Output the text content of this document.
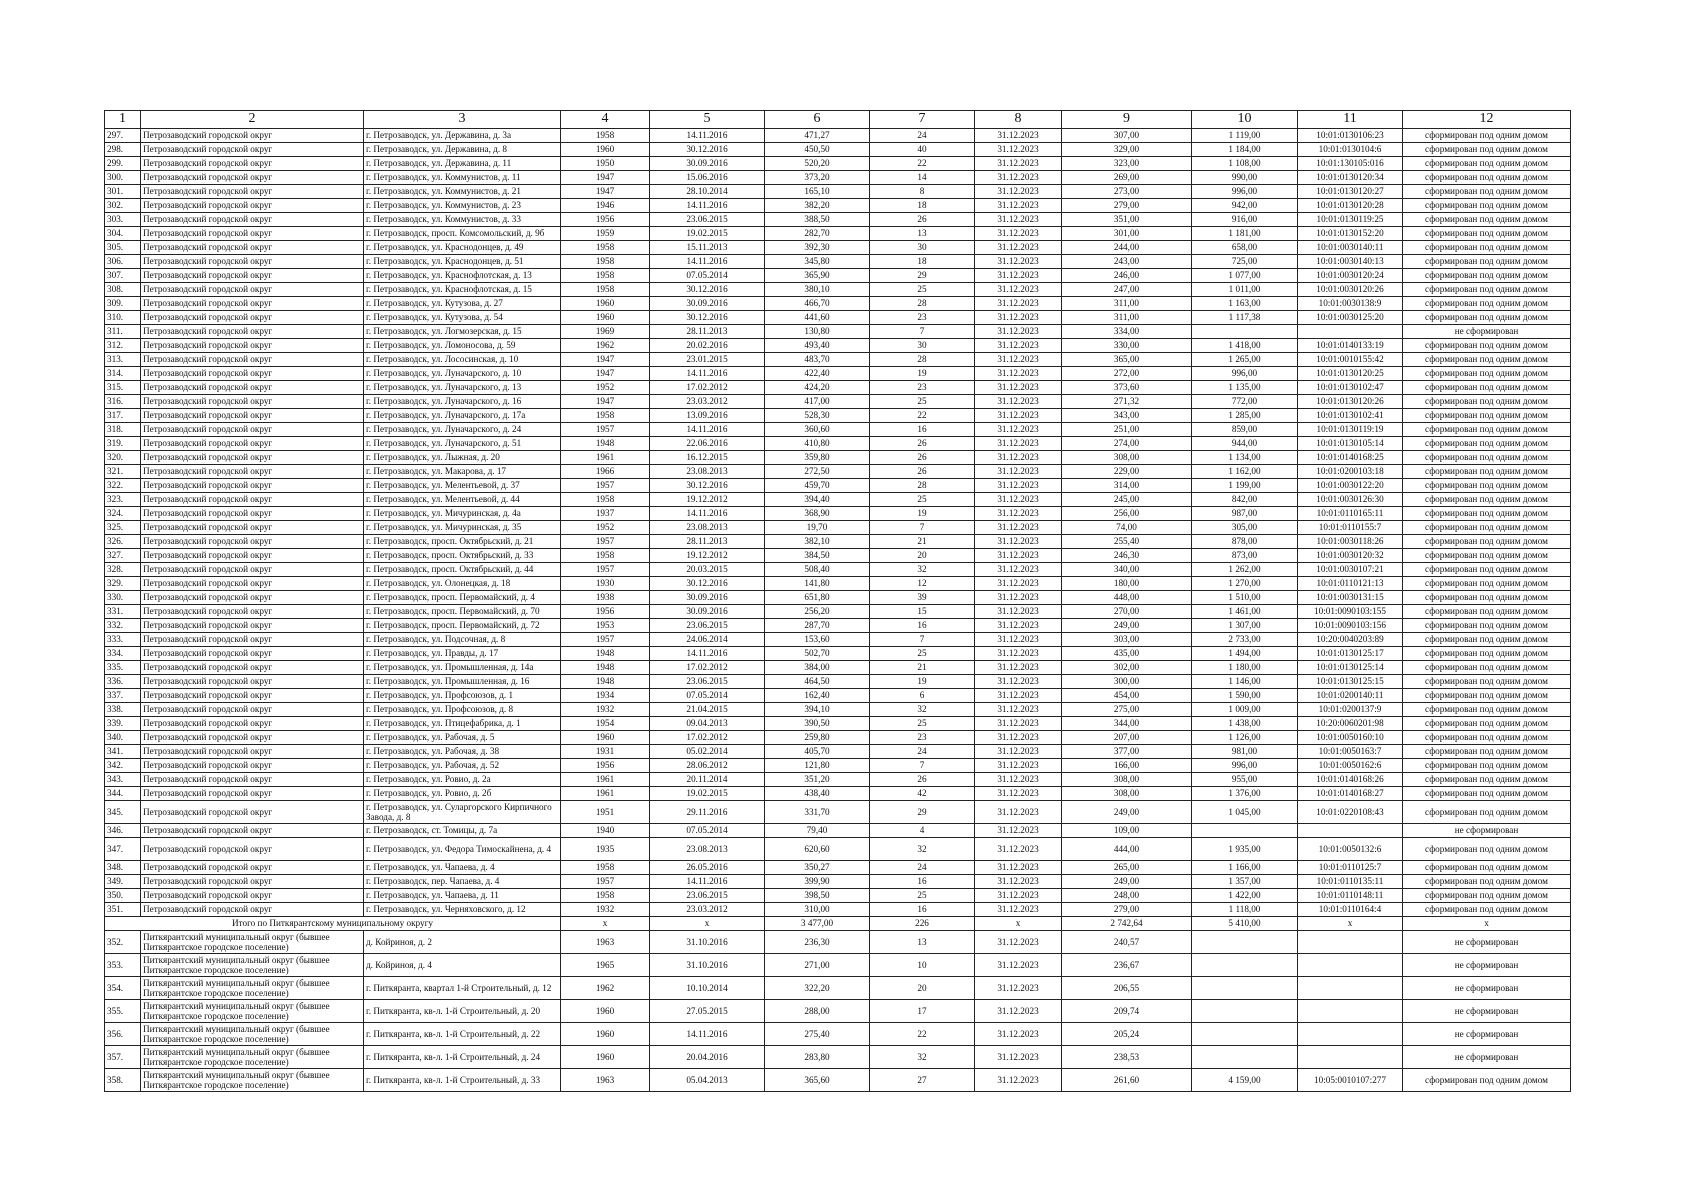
1	2	3	4	5	6	7	8	9	10	11	12
297.	Петрозаводский городской округ	г. Петрозаводск, ул. Державина, д. 3а	1958	14.11.2016	471,27	24	31.12.2023	307,00	1 119,00	10:01:0130106:23	сформирован под одним домом
298.	Петрозаводский городской округ	г. Петрозаводск, ул. Державина, д. 8	1960	30.12.2016	450,50	40	31.12.2023	329,00	1 184,00	10:01:0130104:6	сформирован под одним домом
299.	Петрозаводский городской округ	г. Петрозаводск, ул. Державина, д. 11	1950	30.09.2016	520,20	22	31.12.2023	323,00	1 108,00	10:01:130105:016	сформирован под одним домом
300.	Петрозаводский городской округ	г. Петрозаводск, ул. Коммунистов, д. 11	1947	15.06.2016	373,20	14	31.12.2023	269,00	990,00	10:01:0130120:34	сформирован под одним домом
301.	Петрозаводский городской округ	г. Петрозаводск, ул. Коммунистов, д. 21	1947	28.10.2014	165,10	8	31.12.2023	273,00	996,00	10:01:0130120:27	сформирован под одним домом
302.	Петрозаводский городской округ	г. Петрозаводск, ул. Коммунистов, д. 23	1946	14.11.2016	382,20	18	31.12.2023	279,00	942,00	10:01:0130120:28	сформирован под одним домом
303.	Петрозаводский городской округ	г. Петрозаводск, ул. Коммунистов, д. 33	1956	23.06.2015	388,50	26	31.12.2023	351,00	916,00	10:01:0130119:25	сформирован под одним домом
304.	Петрозаводский городской округ	г. Петрозаводск, просп. Комсомольский, д. 9б	1959	19.02.2015	282,70	13	31.12.2023	301,00	1 181,00	10:01:0130152:20	сформирован под одним домом
305.	Петрозаводский городской округ	г. Петрозаводск, ул. Краснодонцев, д. 49	1958	15.11.2013	392,30	30	31.12.2023	244,00	658,00	10:01:0030140:11	сформирован под одним домом
306.	Петрозаводский городской округ	г. Петрозаводск, ул. Краснодонцев, д. 51	1958	14.11.2016	345,80	18	31.12.2023	243,00	725,00	10:01:0030140:13	сформирован под одним домом
307.	Петрозаводский городской округ	г. Петрозаводск, ул. Краснофлотская, д. 13	1958	07.05.2014	365,90	29	31.12.2023	246,00	1 077,00	10:01:0030120:24	сформирован под одним домом
308.	Петрозаводский городской округ	г. Петрозаводск, ул. Краснофлотская, д. 15	1958	30.12.2016	380,10	25	31.12.2023	247,00	1 011,00	10:01:0030120:26	сформирован под одним домом
309.	Петрозаводский городской округ	г. Петрозаводск, ул. Кутузова, д. 27	1960	30.09.2016	466,70	28	31.12.2023	311,00	1 163,00	10:01:0030138:9	сформирован под одним домом
310.	Петрозаводский городской округ	г. Петрозаводск, ул. Кутузова, д. 54	1960	30.12.2016	441,60	23	31.12.2023	311,00	1 117,38	10:01:0030125:20	сформирован под одним домом
311.	Петрозаводский городской округ	г. Петрозаводск, ул. Логмозерская, д. 15	1969	28.11.2013	130,80	7	31.12.2023	334,00			не сформирован
312.	Петрозаводский городской округ	г. Петрозаводск, ул. Ломоносова, д. 59	1962	20.02.2016	493,40	30	31.12.2023	330,00	1 418,00	10:01:0140133:19	сформирован под одним домом
313.	Петрозаводский городской округ	г. Петрозаводск, ул. Лососинская, д. 10	1947	23.01.2015	483,70	28	31.12.2023	365,00	1 265,00	10:01:0010155:42	сформирован под одним домом
314.	Петрозаводский городской округ	г. Петрозаводск, ул. Луначарского, д. 10	1947	14.11.2016	422,40	19	31.12.2023	272,00	996,00	10:01:0130120:25	сформирован под одним домом
315.	Петрозаводский городской округ	г. Петрозаводск, ул. Луначарского, д. 13	1952	17.02.2012	424,20	23	31.12.2023	373,60	1 135,00	10:01:0130102:47	сформирован под одним домом
316.	Петрозаводский городской округ	г. Петрозаводск, ул. Луначарского, д. 16	1947	23.03.2012	417,00	25	31.12.2023	271,32	772,00	10:01:0130120:26	сформирован под одним домом
317.	Петрозаводский городской округ	г. Петрозаводск, ул. Луначарского, д. 17а	1958	13.09.2016	528,30	22	31.12.2023	343,00	1 285,00	10:01:0130102:41	сформирован под одним домом
318.	Петрозаводский городской округ	г. Петрозаводск, ул. Луначарского, д. 24	1957	14.11.2016	360,60	16	31.12.2023	251,00	859,00	10:01:0130119:19	сформирован под одним домом
319.	Петрозаводский городской округ	г. Петрозаводск, ул. Луначарского, д. 51	1948	22.06.2016	410,80	26	31.12.2023	274,00	944,00	10:01:0130105:14	сформирован под одним домом
320.	Петрозаводский городской округ	г. Петрозаводск, ул. Лыжная, д. 20	1961	16.12.2015	359,80	26	31.12.2023	308,00	1 134,00	10:01:0140168:25	сформирован под одним домом
321.	Петрозаводский городской округ	г. Петрозаводск, ул. Макарова, д. 17	1966	23.08.2013	272,50	26	31.12.2023	229,00	1 162,00	10:01:0200103:18	сформирован под одним домом
322.	Петрозаводский городской округ	г. Петрозаводск, ул. Мелентьевой, д. 37	1957	30.12.2016	459,70	28	31.12.2023	314,00	1 199,00	10:01:0030122:20	сформирован под одним домом
323.	Петрозаводский городской округ	г. Петрозаводск, ул. Мелентьевой, д. 44	1958	19.12.2012	394,40	25	31.12.2023	245,00	842,00	10:01:0030126:30	сформирован под одним домом
324.	Петрозаводский городской округ	г. Петрозаводск, ул. Мичуринская, д. 4а	1937	14.11.2016	368,90	19	31.12.2023	256,00	987,00	10:01:0110165:11	сформирован под одним домом
325.	Петрозаводский городской округ	г. Петрозаводск, ул. Мичуринская, д. 35	1952	23.08.2013	19,70	7	31.12.2023	74,00	305,00	10:01:0110155:7	сформирован под одним домом
326.	Петрозаводский городской округ	г. Петрозаводск, просп. Октябрьский, д. 21	1957	28.11.2013	382,10	21	31.12.2023	255,40	878,00	10:01:0030118:26	сформирован под одним домом
327.	Петрозаводский городской округ	г. Петрозаводск, просп. Октябрьский, д. 33	1958	19.12.2012	384,50	20	31.12.2023	246,30	873,00	10:01:0030120:32	сформирован под одним домом
328.	Петрозаводский городской округ	г. Петрозаводск, просп. Октябрьский, д. 44	1957	20.03.2015	508,40	32	31.12.2023	340,00	1 262,00	10:01:0030107:21	сформирован под одним домом
329.	Петрозаводский городской округ	г. Петрозаводск, ул. Олонецкая, д. 18	1930	30.12.2016	141,80	12	31.12.2023	180,00	1 270,00	10:01:0110121:13	сформирован под одним домом
330.	Петрозаводский городской округ	г. Петрозаводск, просп. Первомайский, д. 4	1938	30.09.2016	651,80	39	31.12.2023	448,00	1 510,00	10:01:0030131:15	сформирован под одним домом
331.	Петрозаводский городской округ	г. Петрозаводск, просп. Первомайский, д. 70	1956	30.09.2016	256,20	15	31.12.2023	270,00	1 461,00	10:01:0090103:155	сформирован под одним домом
332.	Петрозаводский городской округ	г. Петрозаводск, просп. Первомайский, д. 72	1953	23.06.2015	287,70	16	31.12.2023	249,00	1 307,00	10:01:0090103:156	сформирован под одним домом
333.	Петрозаводский городской округ	г. Петрозаводск, ул. Подсочная, д. 8	1957	24.06.2014	153,60	7	31.12.2023	303,00	2 733,00	10:20:0040203:89	сформирован под одним домом
334.	Петрозаводский городской округ	г. Петрозаводск, ул. Правды, д. 17	1948	14.11.2016	502,70	25	31.12.2023	435,00	1 494,00	10:01:0130125:17	сформирован под одним домом
335.	Петрозаводский городской округ	г. Петрозаводск, ул. Промышленная, д. 14а	1948	17.02.2012	384,00	21	31.12.2023	302,00	1 180,00	10:01:0130125:14	сформирован под одним домом
336.	Петрозаводский городской округ	г. Петрозаводск, ул. Промышленная, д. 16	1948	23.06.2015	464,50	19	31.12.2023	300,00	1 146,00	10:01:0130125:15	сформирован под одним домом
337.	Петрозаводский городской округ	г. Петрозаводск, ул. Профсоюзов, д. 1	1934	07.05.2014	162,40	6	31.12.2023	454,00	1 590,00	10:01:0200140:11	сформирован под одним домом
338.	Петрозаводский городской округ	г. Петрозаводск, ул. Профсоюзов, д. 8	1932	21.04.2015	394,10	32	31.12.2023	275,00	1 009,00	10:01:0200137:9	сформирован под одним домом
339.	Петрозаводский городской округ	г. Петрозаводск, ул. Птицефабрика, д. 1	1954	09.04.2013	390,50	25	31.12.2023	344,00	1 438,00	10:20:0060201:98	сформирован под одним домом
340.	Петрозаводский городской округ	г. Петрозаводск, ул. Рабочая, д. 5	1960	17.02.2012	259,80	23	31.12.2023	207,00	1 126,00	10:01:0050160:10	сформирован под одним домом
341.	Петрозаводский городской округ	г. Петрозаводск, ул. Рабочая, д. 38	1931	05.02.2014	405,70	24	31.12.2023	377,00	981,00	10:01:0050163:7	сформирован под одним домом
342.	Петрозаводский городской округ	г. Петрозаводск, ул. Рабочая, д. 52	1956	28.06.2012	121,80	7	31.12.2023	166,00	996,00	10:01:0050162:6	сформирован под одним домом
343.	Петрозаводский городской округ	г. Петрозаводск, ул. Ровио, д. 2а	1961	20.11.2014	351,20	26	31.12.2023	308,00	955,00	10:01:0140168:26	сформирован под одним домом
344.	Петрозаводский городской округ	г. Петрозаводск, ул. Ровио, д. 2б	1961	19.02.2015	438,40	42	31.12.2023	308,00	1 376,00	10:01:0140168:27	сформирован под одним домом
345.	Петрозаводский городской округ	г. Петрозаводск, ул. Суларгорского Кирпичного Завода, д. 8	1951	29.11.2016	331,70	29	31.12.2023	249,00	1 045,00	10:01:0220108:43	сформирован под одним домом
346.	Петрозаводский городской округ	г. Петрозаводск, ст. Томицы, д. 7а	1940	07.05.2014	79,40	4	31.12.2023	109,00			не сформирован
347.	Петрозаводский городской округ	г. Петрозаводск, ул. Федора Тимоскайнена, д. 4	1935	23.08.2013	620,60	32	31.12.2023	444,00	1 935,00	10:01:0050132:6	сформирован под одним домом
348.	Петрозаводский городской округ	г. Петрозаводск, ул. Чапаева, д. 4	1958	26.05.2016	350,27	24	31.12.2023	265,00	1 166,00	10:01:0110125:7	сформирован под одним домом
349.	Петрозаводский городской округ	г. Петрозаводск, пер. Чапаева, д. 4	1957	14.11.2016	399,90	16	31.12.2023	249,00	1 357,00	10:01:0110135:11	сформирован под одним домом
350.	Петрозаводский городской округ	г. Петрозаводск, ул. Чапаева, д. 11	1958	23.06.2015	398,50	25	31.12.2023	248,00	1 422,00	10:01:0110148:11	сформирован под одним домом
351.	Петрозаводский городской округ	г. Петрозаводск, ул. Черняховского, д. 12	1932	23.03.2012	310,00	16	31.12.2023	279,00	1 118,00	10:01:0110164:4	сформирован под одним домом
Итого по Питкярантскому муниципальному округу			х	х	3 477,00	226	х	2 742,64	5 410,00	х	х
352.	Питкярантский муниципальный округ (бывшее Питкярантское городское поселение)	д. Койриноя, д. 2	1963	31.10.2016	236,30	13	31.12.2023	240,57			не сформирован
353.	Питкярантский муниципальный округ (бывшее Питкярантское городское поселение)	д. Койриноя, д. 4	1965	31.10.2016	271,00	10	31.12.2023	236,67			не сформирован
354.	Питкярантский муниципальный округ (бывшее Питкярантское городское поселение)	г. Питкяранта, квартал 1-й Строительный, д. 12	1962	10.10.2014	322,20	20	31.12.2023	206,55			не сформирован
355.	Питкярантский муниципальный округ (бывшее Питкярантское городское поселение)	г. Питкяранта, кв-л. 1-й Строительный, д. 20	1960	27.05.2015	288,00	17	31.12.2023	209,74			не сформирован
356.	Питкярантский муниципальный округ (бывшее Питкярантское городское поселение)	г. Питкяранта, кв-л. 1-й Строительный, д. 22	1960	14.11.2016	275,40	22	31.12.2023	205,24			не сформирован
357.	Питкярантский муниципальный округ (бывшее Питкярантское городское поселение)	г. Питкяранта, кв-л. 1-й Строительный, д. 24	1960	20.04.2016	283,80	32	31.12.2023	238,53			не сформирован
358.	Питкярантский муниципальный округ (бывшее Питкярантское городское поселение)	г. Питкяранта, кв-л. 1-й Строительный, д. 33	1963	05.04.2013	365,60	27	31.12.2023	261,60	4 159,00	10:05:0010107:277	сформирован под одним домом
